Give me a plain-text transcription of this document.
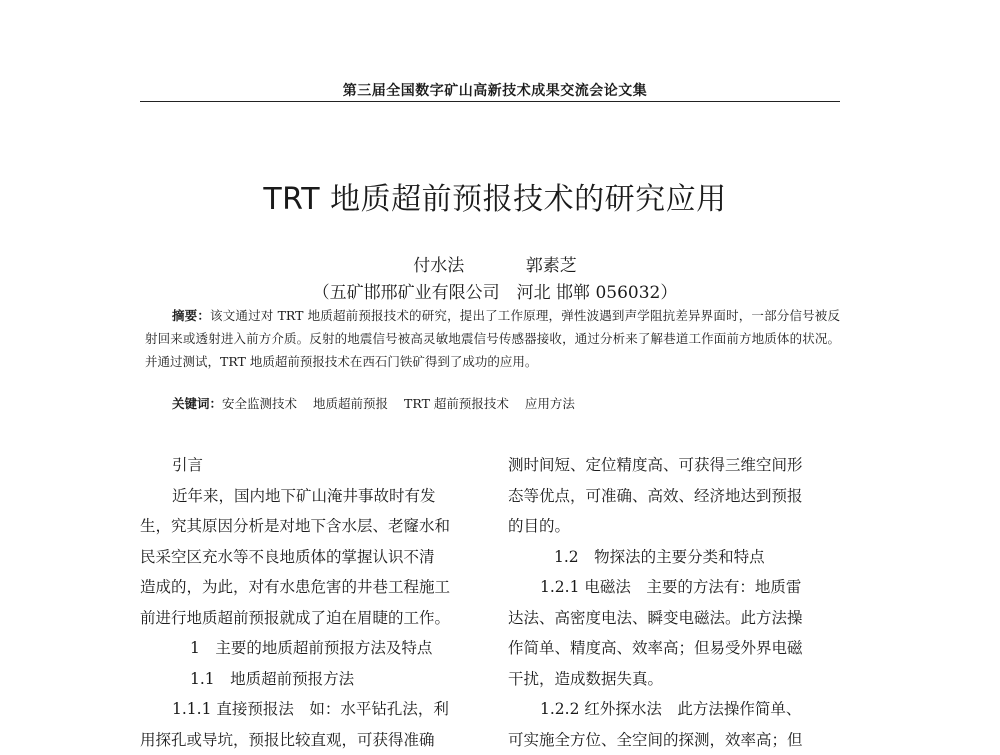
第三届全国数字矿山高新技术成果交流会论文集
TRT 地质超前预报技术的研究应用
付水法	郭素芝
（五矿邯邢矿业有限公司　河北 邯郸 056032）
摘要：该文通过对 TRT 地质超前预报技术的研究，提出了工作原理，弹性波遇到声学阻抗差异界面时，一部分信号被反射回来或透射进入前方介质。反射的地震信号被高灵敏地震信号传感器接收，通过分析来了解巷道工作面前方地质体的状况。并通过测试，TRT 地质超前预报技术在西石门铁矿得到了成功的应用。
关键词：安全监测技术 地质超前预报 TRT 超前预报技术 应用方法
引言
近年来，国内地下矿山淹井事故时有发
生，究其原因分析是对地下含水层、老窿水和
民采空区充水等不良地质体的掌握认识不清
造成的，为此，对有水患危害的井巷工程施工
前进行地质超前预报就成了迫在眉睫的工作。
1　主要的地质超前预报方法及特点
1.1　地质超前预报方法
1.1.1 直接预报法　如：水平钻孔法，利
用探孔或导坑，预报比较直观，可获得准确
测时间短、定位精度高、可获得三维空间形
态等优点，可准确、高效、经济地达到预报
的目的。
1.2　物探法的主要分类和特点
1.2.1 电磁法　主要的方法有：地质雷
达法、高密度电法、瞬变电磁法。此方法操
作简单、精度高、效率高；但易受外界电磁
干扰，造成数据失真。
1.2.2 红外探水法　此方法操作简单、
可实施全方位、全空间的探测，效率高；但
